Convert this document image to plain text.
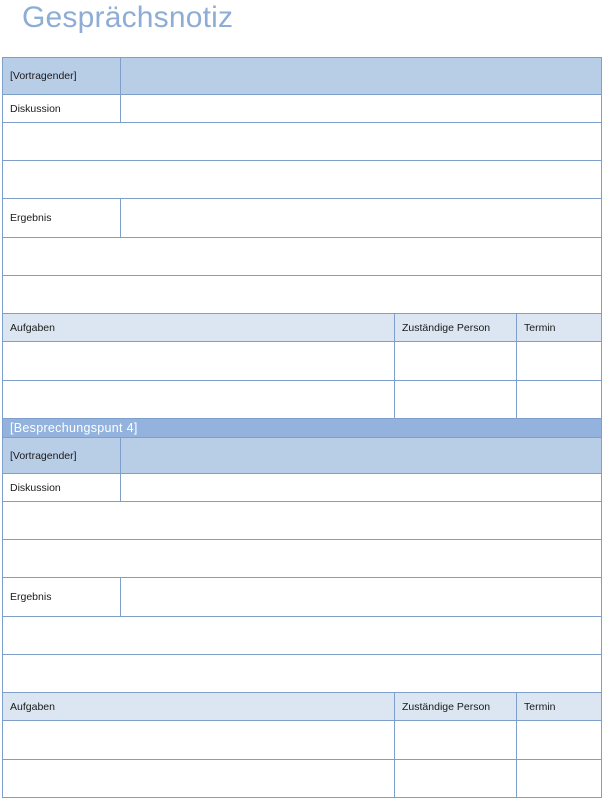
Gesprächsnotiz
[Vortragender]
Diskussion
Ergebnis
Aufgaben	Zuständige Person	Termin
[Besprechungspunt 4]
[Vortragender]
Diskussion
Ergebnis
Aufgaben	Zuständige Person	Termin
